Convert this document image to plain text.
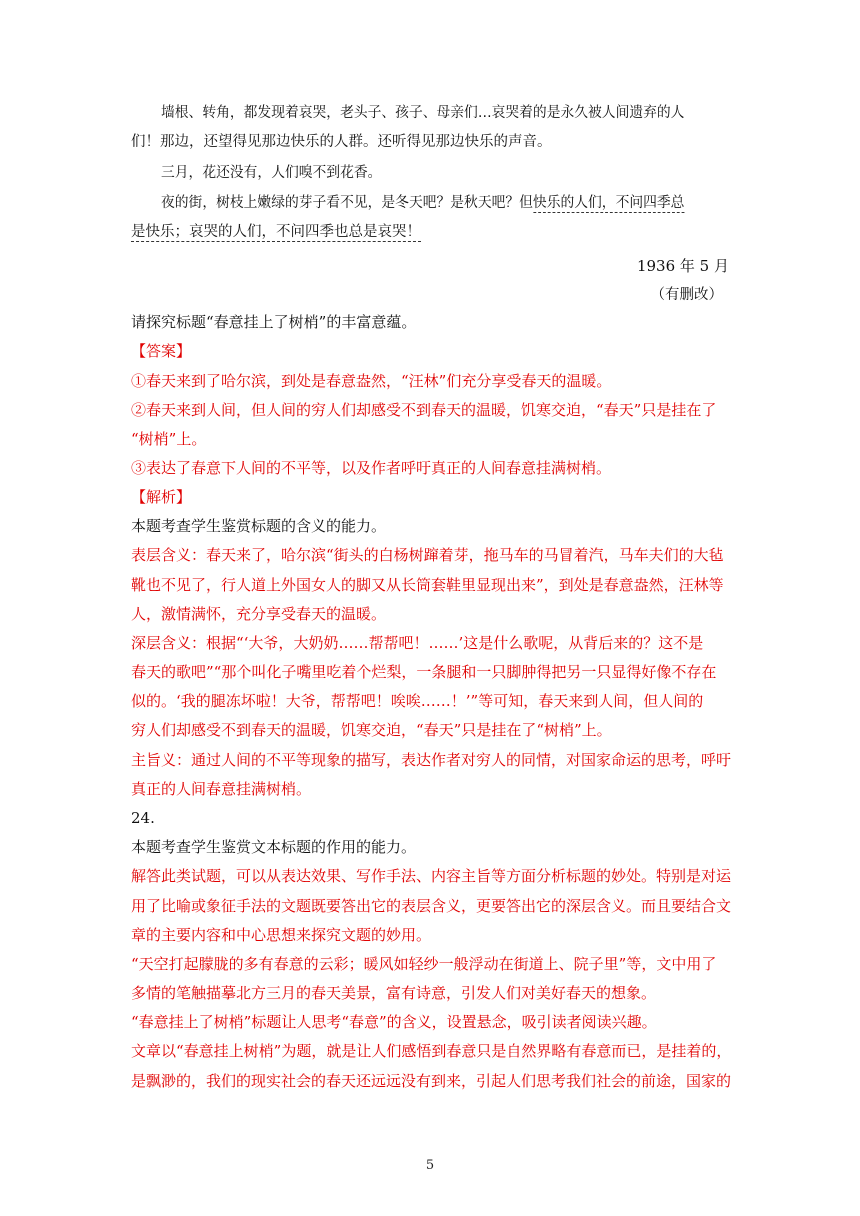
墙根、转角，都发现着哀哭，老头子、孩子、母亲们…哀哭着的是永久被人间遗弃的人
们！那边，还望得见那边快乐的人群。还听得见那边快乐的声音。
三月，花还没有，人们嗅不到花香。
夜的街，树枝上嫩绿的芽子看不见，是冬天吧？是秋天吧？但快乐的人们，不问四季总
是快乐；哀哭的人们，不问四季也总是哀哭！
1936 年 5 月
（有删改）
请探究标题“春意挂上了树梢”的丰富意蕴。
【答案】
①春天来到了哈尔滨，到处是春意盎然，“汪林”们充分享受春天的温暖。
②春天来到人间，但人间的穷人们却感受不到春天的温暖，饥寒交迫，“春天”只是挂在了
“树梢”上。
③表达了春意下人间的不平等，以及作者呼吁真正的人间春意挂满树梢。
【解析】
本题考查学生鉴赏标题的含义的能力。
表层含义：春天来了，哈尔滨“街头的白杨树蹿着芽，拖马车的马冒着汽，马车夫们的大毡
靴也不见了，行人道上外国女人的脚又从长筒套鞋里显现出来”，到处是春意盎然，汪林等
人，激情满怀，充分享受春天的温暖。
深层含义：根据“‘大爷，大奶奶……帮帮吧！……’这是什么歌呢，从背后来的？这不是
春天的歌吧”“那个叫化子嘴里吃着个烂梨，一条腿和一只脚肿得把另一只显得好像不存在
似的。‘我的腿冻坏啦！大爷，帮帮吧！唉唉……！’”等可知，春天来到人间，但人间的
穷人们却感受不到春天的温暖，饥寒交迫，“春天”只是挂在了“树梢”上。
主旨义：通过人间的不平等现象的描写，表达作者对穷人的同情，对国家命运的思考，呼吁
真正的人间春意挂满树梢。
24.
本题考查学生鉴赏文本标题的作用的能力。
解答此类试题，可以从表达效果、写作手法、内容主旨等方面分析标题的妙处。特别是对运
用了比喻或象征手法的文题既要答出它的表层含义，更要答出它的深层含义。而且要结合文
章的主要内容和中心思想来探究文题的妙用。
“天空打起朦胧的多有春意的云彩；暖风如轻纱一般浮动在街道上、院子里”等，文中用了
多情的笔触描摹北方三月的春天美景，富有诗意，引发人们对美好春天的想象。
“春意挂上了树梢”标题让人思考“春意”的含义，设置悬念，吸引读者阅读兴趣。
文章以“春意挂上树梢”为题，就是让人们感悟到春意只是自然界略有春意而已，是挂着的，
是飘渺的，我们的现实社会的春天还远远没有到来，引起人们思考我们社会的前途，国家的
5
